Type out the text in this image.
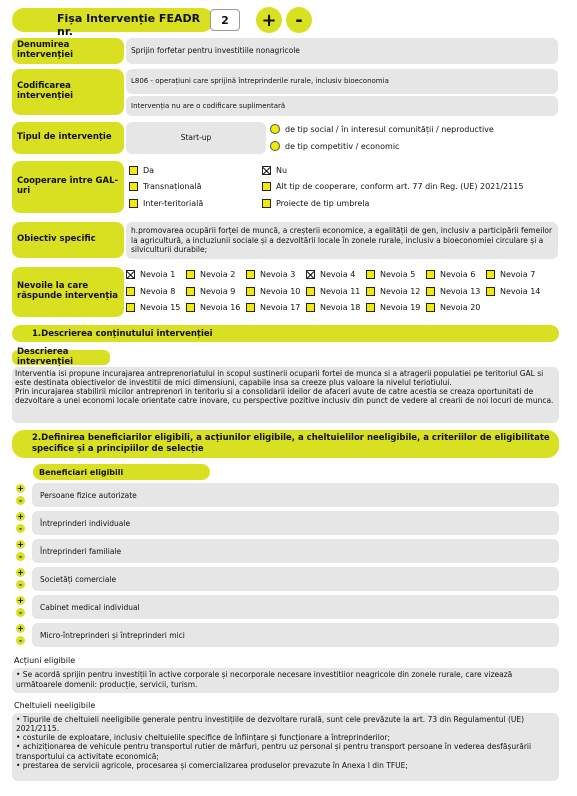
Fișa Intervenție FEADR nr.
2	+	-
Denumirea intervenției	Sprijin forfetar pentru investitiile nonagricole
Codificarea intervenției
L806 - operațiuni care sprijină întreprinderile rurale, inclusiv bioeconomia
Intervenția nu are o codificare suplimentară
Tipul de intervenție	Start-up
de tip social / în interesul comunității / neproductive
de tip competitiv / economic
Cooperare între GAL-uri
Da	Nu
Transnațională	Alt tip de cooperare, conform art. 77 din Reg. (UE) 2021/2115
Inter-teritorială	Proiecte de tip umbrela
Obiectiv specific
h.promovarea ocupării forței de muncă, a creșterii economice, a egalității de gen, inclusiv a participării femeilor la agricultură, a incluziunii sociale și a dezvoltării locale în zonele rurale, inclusiv a bioeconomiei circulare și a silviculturii durabile;
Nevoile la care răspunde intervenția
Nevoia 1	Nevoia 2	Nevoia 3	Nevoia 4	Nevoia 5	Nevoia 6	Nevoia 7
Nevoia 8	Nevoia 9	Nevoia 10 Nevoia 11 Nevoia 12 Nevoia 13 Nevoia 14
Nevoia 15 Nevoia 16 Nevoia 17 Nevoia 18 Nevoia 19 Nevoia 20
1.Descrierea conținutului intervenției
Descrierea intervenției
Interventia isi propune incurajarea antreprenoriatului in scopul sustinerii ocuparii fortei de munca si a atragerii populatiei pe teritoriul GAL si este destinata obiectivelor de investitii de mici dimensiuni, capabile insa sa creeze plus valoare la nivelul teriotiului.
Prin incurajarea stabilirii micilor antreprenori in teritoriu si a consolidarii ideilor de afaceri avute de catre acestia se creaza oportunitati de dezvoltare a unei economi locale orientate catre inovare, cu perspective pozitive inclusiv din punct de vedere al crearii de noi locuri de munca.
2.Definirea beneficiarilor eligibili, a acțiunilor eligibile, a cheltuielilor neeligibile, a criteriilor de eligibilitate specifice și a principiilor de selecție
Beneficiari eligibili
+
-
Persoane fizice autorizate
+
-
Întreprinderi individuale
+
-
Întreprinderi familiale
+
-
Societăți comerciale
+
-
Cabinet medical individual
+
-
Micro-întreprinderi și întreprinderi mici
Acțiuni eligibile
• Se acordă sprijin pentru investiții în active corporale și necorporale necesare investitiior neagricole din zonele rurale, care vizează următoarele domenii: producție, servicii, turism.
Cheltuieli neeligibile
• Tipurile de cheltuieli neeligibile generale pentru investițiile de dezvoltare rurală, sunt cele prevăzute la art. 73 din Regulamentul (UE) 2021/2115.
• costurile de exploatare, inclusiv cheltuielile specifice de înființare și funcționare a întreprinderilor;
• achiziționarea de vehicule pentru transportul rutier de mărfuri, pentru uz personal și pentru transport persoane în vederea desfășurării transportului ca activitate economică;
• prestarea de servicii agricole, procesarea și comercializarea produselor prevazute în Anexa I din TFUE;
